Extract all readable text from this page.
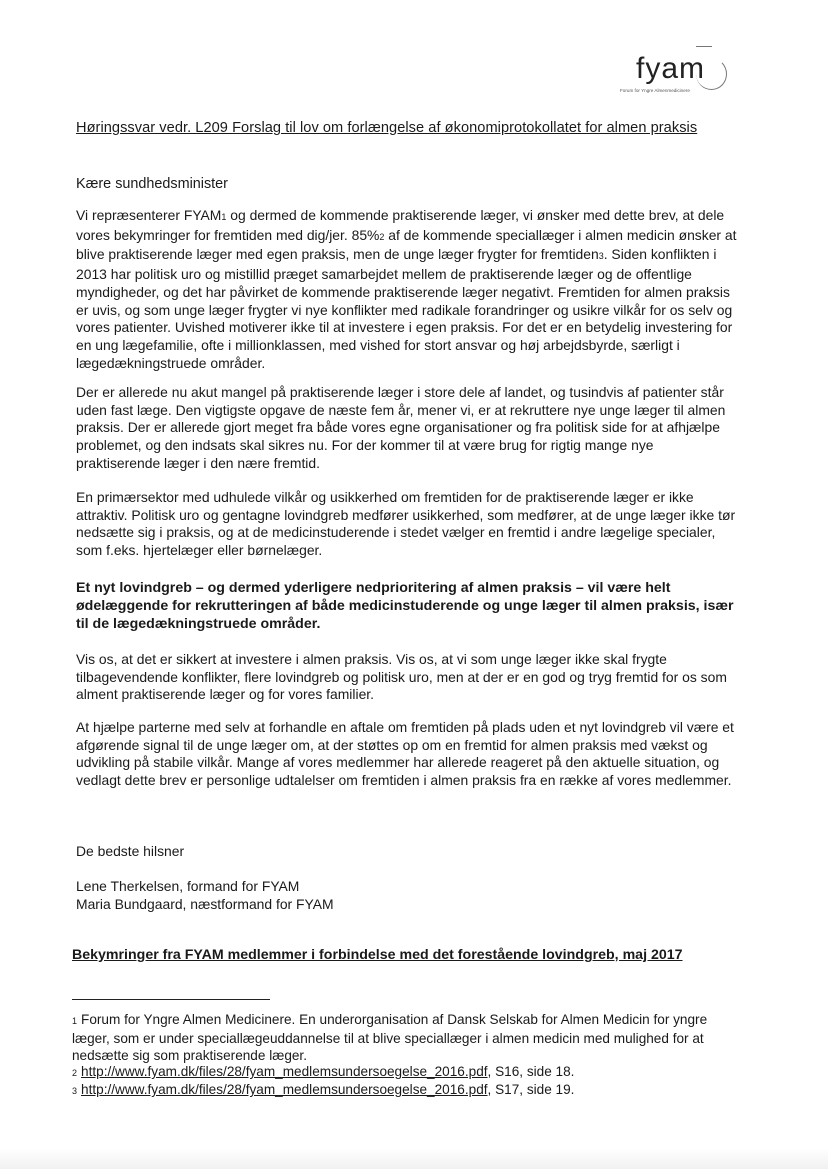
fyam
Forum for Yngre Almenmedicinere
Høringssvar vedr. L209 Forslag til lov om forlængelse af økonomiprotokollatet for almen praksis
Kære sundhedsminister

Vi repræsenterer FYAM1 og dermed de kommende praktiserende læger, vi ønsker med dette brev, at dele vores bekymringer for fremtiden med dig/jer. 85%2 af de kommende speciallæger i almen medicin ønsker at blive praktiserende læger med egen praksis, men de unge læger frygter for fremtiden3. Siden konflikten i 2013 har politisk uro og mistillid præget samarbejdet mellem de praktiserende læger og de offentlige myndigheder, og det har påvirket de kommende praktiserende læger negativt. Fremtiden for almen praksis er uvis, og som unge læger frygter vi nye konflikter med radikale forandringer og usikre vilkår for os selv og vores patienter. Uvished motiverer ikke til at investere i egen praksis. For det er en betydelig investering for en ung lægefamilie, ofte i millionklassen, med vished for stort ansvar og høj arbejdsbyrde, særligt i lægedækningstruede områder.

Der er allerede nu akut mangel på praktiserende læger i store dele af landet, og tusindvis af patienter står uden fast læge. Den vigtigste opgave de næste fem år, mener vi, er at rekruttere nye unge læger til almen praksis. Der er allerede gjort meget fra både vores egne organisationer og fra politisk side for at afhjælpe problemet, og den indsats skal sikres nu. For der kommer til at være brug for rigtig mange nye praktiserende læger i den nære fremtid.

En primærsektor med udhulede vilkår og usikkerhed om fremtiden for de praktiserende læger er ikke attraktiv. Politisk uro og gentagne lovindgreb medfører usikkerhed, som medfører, at de unge læger ikke tør nedsætte sig i praksis, og at de medicinstuderende i stedet vælger en fremtid i andre lægelige specialer, som f.eks. hjertelæger eller børnelæger.

Et nyt lovindgreb – og dermed yderligere nedprioritering af almen praksis – vil være helt ødelæggende for rekrutteringen af både medicinstuderende og unge læger til almen praksis, især til de lægedækningstruede områder.

Vis os, at det er sikkert at investere i almen praksis. Vis os, at vi som unge læger ikke skal frygte tilbagevendende konflikter, flere lovindgreb og politisk uro, men at der er en god og tryg fremtid for os som alment praktiserende læger og for vores familier.

At hjælpe parterne med selv at forhandle en aftale om fremtiden på plads uden et nyt lovindgreb vil være et afgørende signal til de unge læger om, at der støttes op om en fremtid for almen praksis med vækst og udvikling på stabile vilkår. Mange af vores medlemmer har allerede reageret på den aktuelle situation, og vedlagt dette brev er personlige udtalelser om fremtiden i almen praksis fra en række af vores medlemmer.

De bedste hilsner
Lene Therkelsen, formand for FYAM
Maria Bundgaard, næstformand for FYAM
Bekymringer fra FYAM medlemmer i forbindelse med det forestående lovindgreb, maj 2017

1 Forum for Yngre Almen Medicinere. En underorganisation af Dansk Selskab for Almen Medicin for yngre læger, som er under speciallægeuddannelse til at blive speciallæger i almen medicin med mulighed for at nedsætte sig som praktiserende læger.

2 http://www.fyam.dk/files/28/fyam_medlemsundersoegelse_2016.pdf, S16, side 18.

3 http://www.fyam.dk/files/28/fyam_medlemsundersoegelse_2016.pdf, S17, side 19.
